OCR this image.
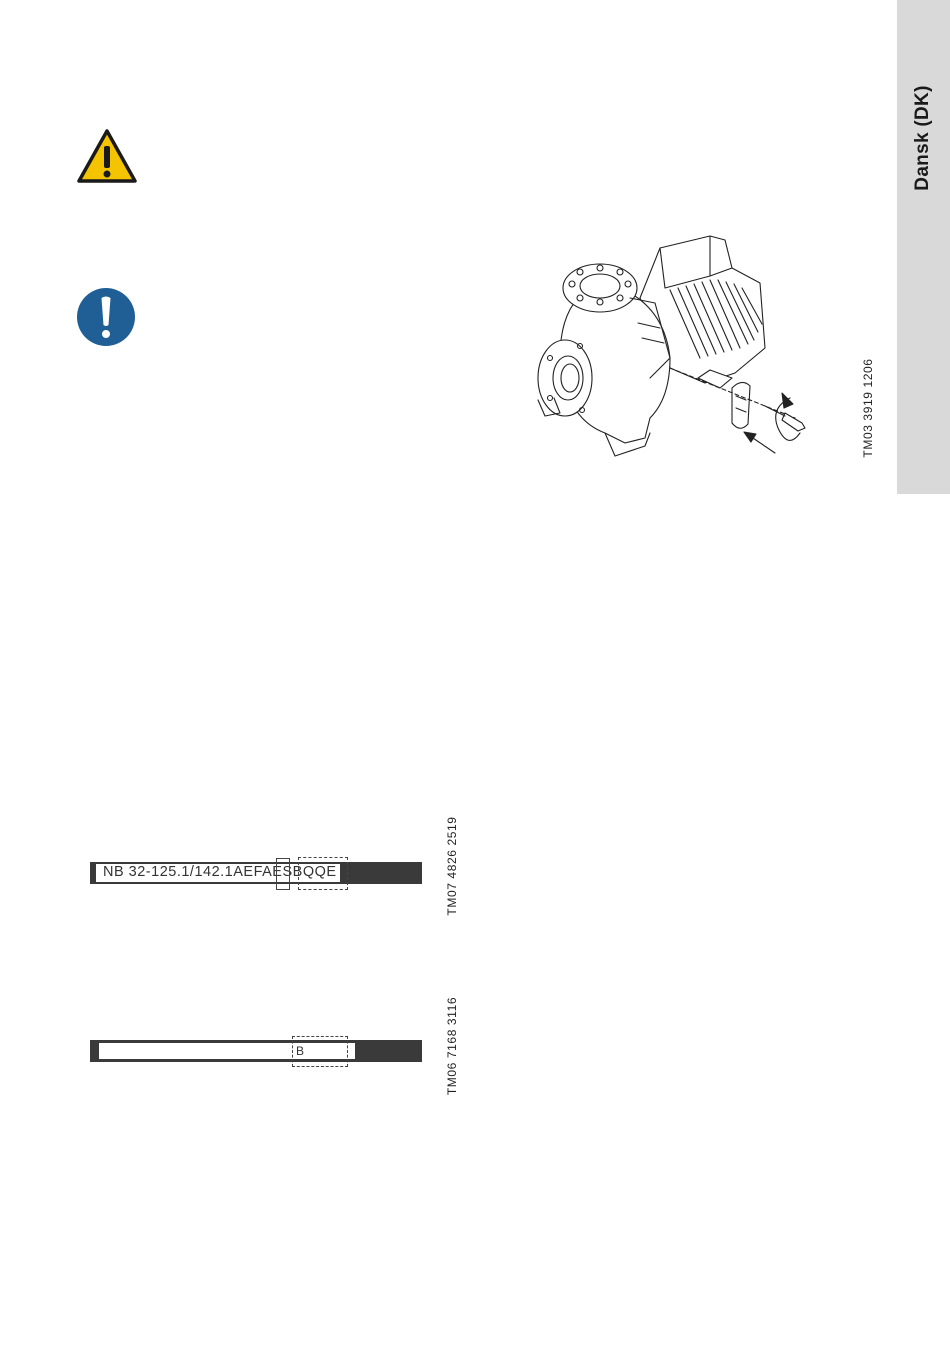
Dansk (DK)
TM03 3919 1206
TM07 4826 2519
TM06 7168 3116
NB 32-125.1/142.1AEFAESBQQE
B
